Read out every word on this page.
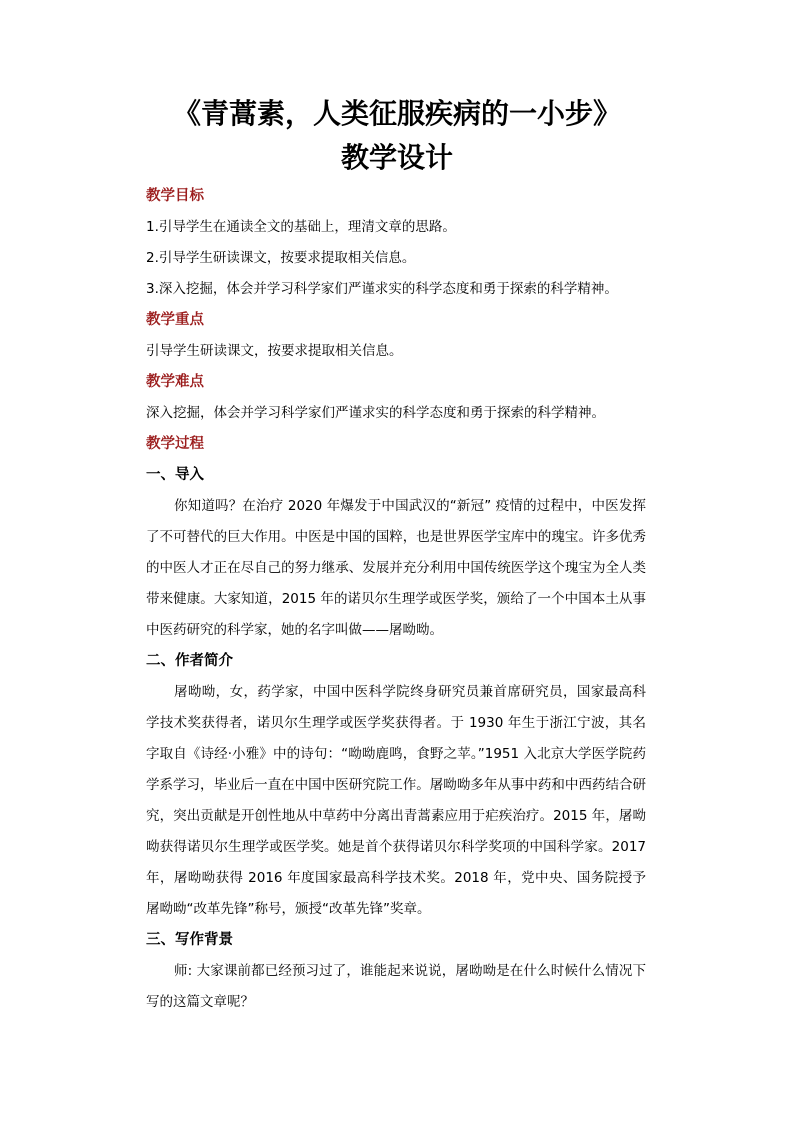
《青蒿素，人类征服疾病的一小步》
教学设计
教学目标
1.引导学生在通读全文的基础上，理清文章的思路。
2.引导学生研读课文，按要求提取相关信息。
3.深入挖掘，体会并学习科学家们严谨求实的科学态度和勇于探索的科学精神。
教学重点
引导学生研读课文，按要求提取相关信息。
教学难点
深入挖掘，体会并学习科学家们严谨求实的科学态度和勇于探索的科学精神。
教学过程
一、导入

你知道吗？在治疗 2020 年爆发于中国武汉的“新冠” 疫情的过程中，中医发挥了不可替代的巨大作用。中医是中国的国粹，也是世界医学宝库中的瑰宝。许多优秀的中医人才正在尽自己的努力继承、发展并充分利用中国传统医学这个瑰宝为全人类带来健康。大家知道，2015 年的诺贝尔生理学或医学奖，颁给了一个中国本土从事中医药研究的科学家，她的名字叫做——屠呦呦。

二、作者简介

屠呦呦，女，药学家，中国中医科学院终身研究员兼首席研究员，国家最高科学技术奖获得者，诺贝尔生理学或医学奖获得者。于 1930 年生于浙江宁波，其名字取自《诗经·小雅》中的诗句：“呦呦鹿鸣，食野之苹。”1951 入北京大学医学院药学系学习，毕业后一直在中国中医研究院工作。屠呦呦多年从事中药和中西药结合研究，突出贡献是开创性地从中草药中分离出青蒿素应用于疟疾治疗。2015 年，屠呦呦获得诺贝尔生理学或医学奖。她是首个获得诺贝尔科学奖项的中国科学家。2017 年，屠呦呦获得 2016 年度国家最高科学技术奖。2018 年，党中央、国务院授予屠呦呦“改革先锋”称号，颁授“改革先锋”奖章。

三、写作背景

师: 大家课前都已经预习过了，谁能起来说说，屠呦呦是在什么时候什么情况下写的这篇文章呢？
